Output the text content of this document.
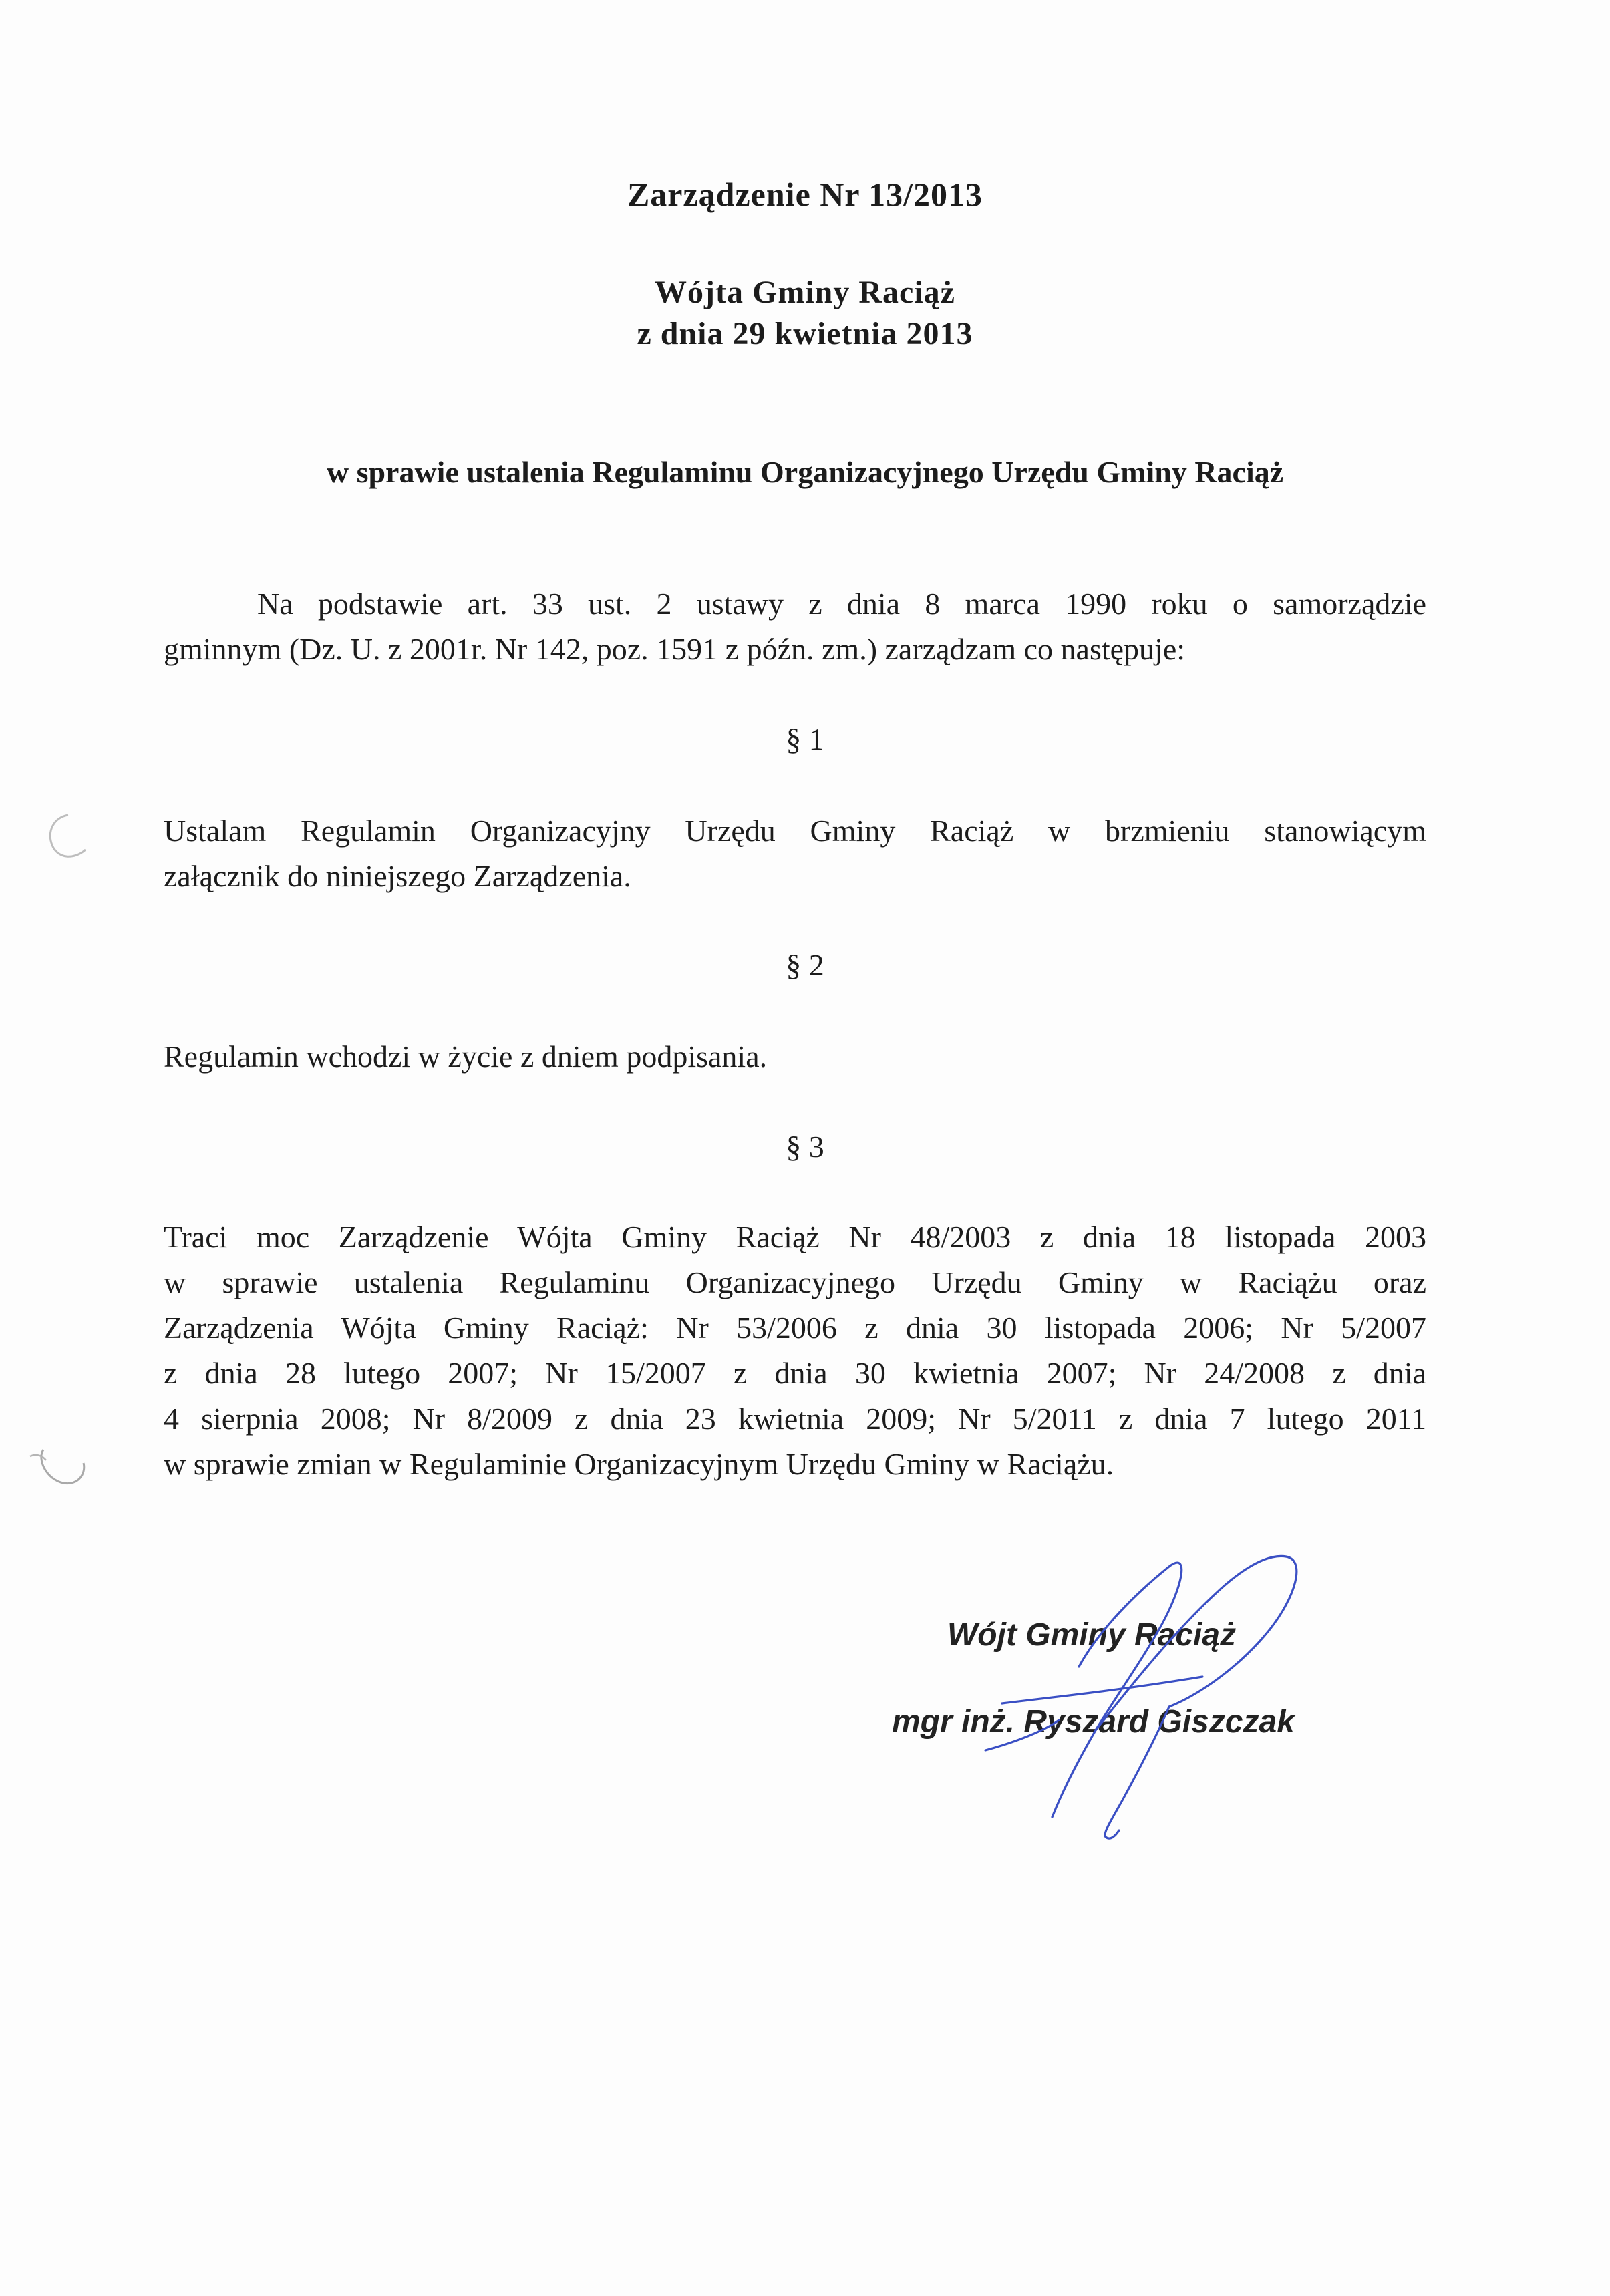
Zarządzenie Nr 13/2013
Wójta Gminy Raciąż
z dnia 29 kwietnia 2013
w sprawie ustalenia Regulaminu Organizacyjnego Urzędu Gminy Raciąż
Na podstawie art. 33 ust. 2 ustawy z dnia 8 marca 1990 roku o samorządzie
gminnym (Dz. U. z 2001r. Nr 142, poz. 1591 z późn. zm.) zarządzam co następuje:
§ 1
Ustalam Regulamin Organizacyjny Urzędu Gminy Raciąż w brzmieniu stanowiącym
załącznik do niniejszego Zarządzenia.
§ 2
Regulamin wchodzi w życie z dniem podpisania.
§ 3
Traci moc Zarządzenie Wójta Gminy Raciąż Nr 48/2003 z dnia 18 listopada 2003
w sprawie ustalenia Regulaminu Organizacyjnego Urzędu Gminy w Raciążu oraz
Zarządzenia Wójta Gminy Raciąż: Nr 53/2006 z dnia 30 listopada 2006; Nr 5/2007
z dnia 28 lutego 2007; Nr 15/2007 z dnia 30 kwietnia 2007; Nr 24/2008 z dnia
4 sierpnia 2008; Nr 8/2009 z dnia 23 kwietnia 2009; Nr 5/2011 z dnia 7 lutego 2011
w sprawie zmian w Regulaminie Organizacyjnym Urzędu Gminy w Raciążu.
Wójt Gminy Raciąż
mgr inż. Ryszard Giszczak
